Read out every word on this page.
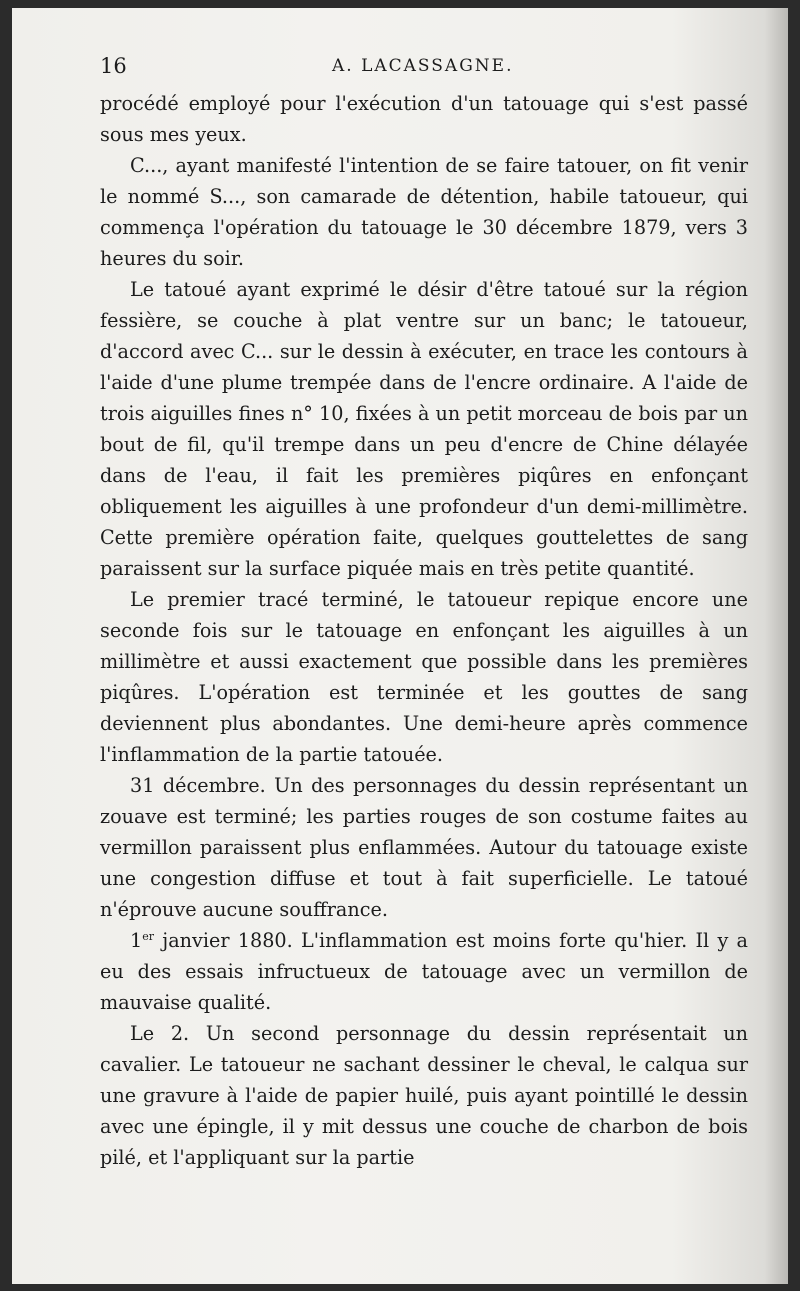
16	A. LACASSAGNE.

procédé employé pour l'exécution d'un tatouage qui s'est passé sous mes yeux.

C..., ayant manifesté l'intention de se faire tatouer, on fit venir le nommé S..., son camarade de détention, habile tatoueur, qui commença l'opération du tatouage le 30 décembre 1879, vers 3 heures du soir.

Le tatoué ayant exprimé le désir d'être tatoué sur la région fessière, se couche à plat ventre sur un banc; le tatoueur, d'accord avec C... sur le dessin à exécuter, en trace les contours à l'aide d'une plume trempée dans de l'encre ordinaire. A l'aide de trois aiguilles fines n° 10, fixées à un petit morceau de bois par un bout de fil, qu'il trempe dans un peu d'encre de Chine délayée dans de l'eau, il fait les premières piqûres en enfonçant obliquement les aiguilles à une profondeur d'un demi-millimètre. Cette première opération faite, quelques gouttelettes de sang paraissent sur la surface piquée mais en très petite quantité.

Le premier tracé terminé, le tatoueur repique encore une seconde fois sur le tatouage en enfonçant les aiguilles à un millimètre et aussi exactement que possible dans les premières piqûres. L'opération est terminée et les gouttes de sang deviennent plus abondantes. Une demi-heure après commence l'inflammation de la partie tatouée.

31 décembre. Un des personnages du dessin représentant un zouave est terminé; les parties rouges de son costume faites au vermillon paraissent plus enflammées. Autour du tatouage existe une congestion diffuse et tout à fait superficielle. Le tatoué n'éprouve aucune souffrance.

1er janvier 1880. L'inflammation est moins forte qu'hier. Il y a eu des essais infructueux de tatouage avec un vermillon de mauvaise qualité.

Le 2. Un second personnage du dessin représentait un cavalier. Le tatoueur ne sachant dessiner le cheval, le calqua sur une gravure à l'aide de papier huilé, puis ayant pointillé le dessin avec une épingle, il y mit dessus une couche de charbon de bois pilé, et l'appliquant sur la partie
